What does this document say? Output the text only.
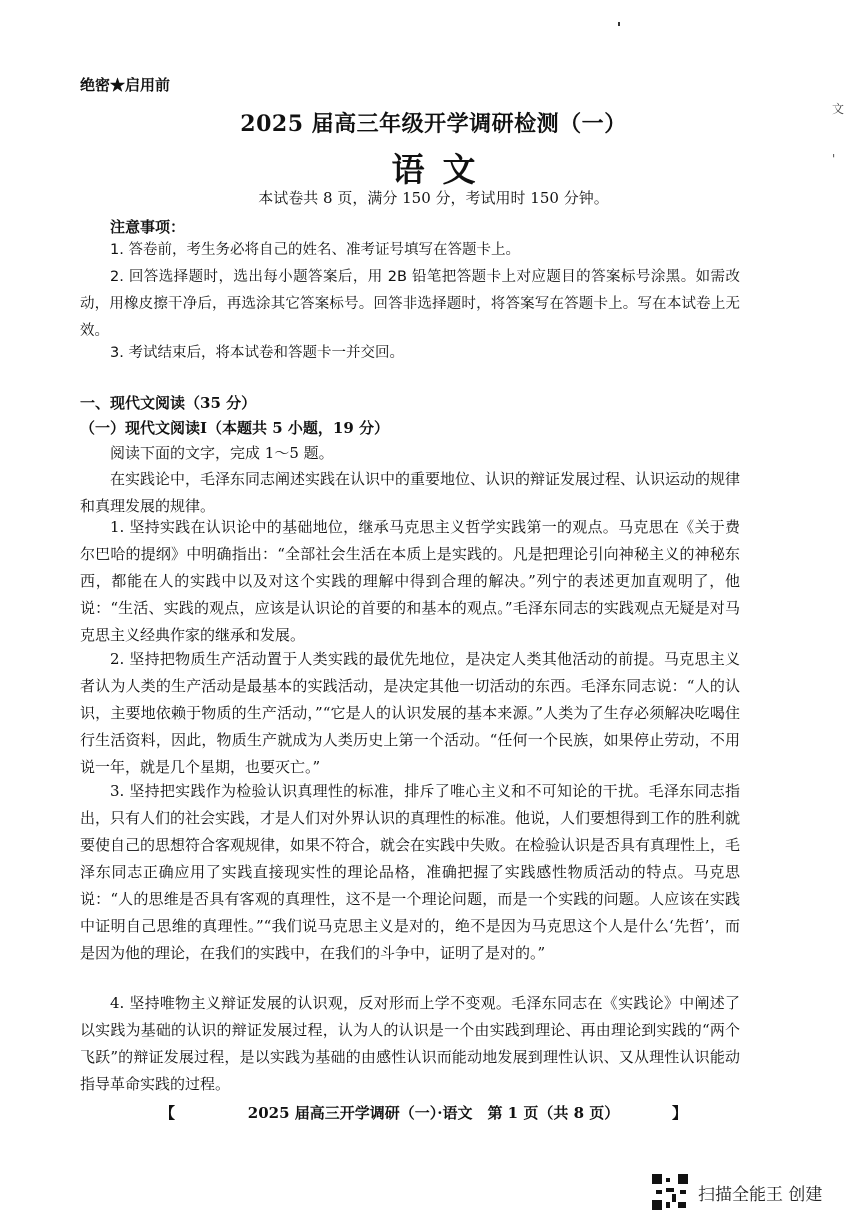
文
'
绝密★启用前
2025 届高三年级开学调研检测（一）
语文
本试卷共 8 页，满分 150 分，考试用时 150 分钟。
注意事项：
1. 答卷前，考生务必将自己的姓名、准考证号填写在答题卡上。
2. 回答选择题时，选出每小题答案后，用 2B 铅笔把答题卡上对应题目的答案标号涂黑。如需改动，用橡皮擦干净后，再选涂其它答案标号。回答非选择题时，将答案写在答题卡上。写在本试卷上无效。
3. 考试结束后，将本试卷和答题卡一并交回。
一、现代文阅读（35 分）
（一）现代文阅读Ⅰ（本题共 5 小题，19 分）
阅读下面的文字，完成 1～5 题。
在实践论中，毛泽东同志阐述实践在认识中的重要地位、认识的辩证发展过程、认识运动的规律和真理发展的规律。
1. 坚持实践在认识论中的基础地位，继承马克思主义哲学实践第一的观点。马克思在《关于费尔巴哈的提纲》中明确指出：“全部社会生活在本质上是实践的。凡是把理论引向神秘主义的神秘东西，都能在人的实践中以及对这个实践的理解中得到合理的解决。”列宁的表述更加直观明了，他说：“生活、实践的观点，应该是认识论的首要的和基本的观点。”毛泽东同志的实践观点无疑是对马克思主义经典作家的继承和发展。
2. 坚持把物质生产活动置于人类实践的最优先地位，是决定人类其他活动的前提。马克思主义者认为人类的生产活动是最基本的实践活动，是决定其他一切活动的东西。毛泽东同志说：“人的认识，主要地依赖于物质的生产活动，”“它是人的认识发展的基本来源。”人类为了生存必须解决吃喝住行生活资料，因此，物质生产就成为人类历史上第一个活动。“任何一个民族，如果停止劳动，不用说一年，就是几个星期，也要灭亡。”
3. 坚持把实践作为检验认识真理性的标准，排斥了唯心主义和不可知论的干扰。毛泽东同志指出，只有人们的社会实践，才是人们对外界认识的真理性的标准。他说，人们要想得到工作的胜利就要使自己的思想符合客观规律，如果不符合，就会在实践中失败。在检验认识是否具有真理性上，毛泽东同志正确应用了实践直接现实性的理论品格，准确把握了实践感性物质活动的特点。马克思说：“人的思维是否具有客观的真理性，这不是一个理论问题，而是一个实践的问题。人应该在实践中证明自己思维的真理性。”“我们说马克思主义是对的，绝不是因为马克思这个人是什么‘先哲’，而是因为他的理论，在我们的实践中，在我们的斗争中，证明了是对的。”
4. 坚持唯物主义辩证发展的认识观，反对形而上学不变观。毛泽东同志在《实践论》中阐述了以实践为基础的认识的辩证发展过程，认为人的认识是一个由实践到理论、再由理论到实践的“两个飞跃”的辩证发展过程，是以实践为基础的由感性认识而能动地发展到理性认识、又从理性认识能动指导革命实践的过程。
【	2025 届高三开学调研（一）·语文　第 1 页（共 8 页）	】
扫描全能王 创建
